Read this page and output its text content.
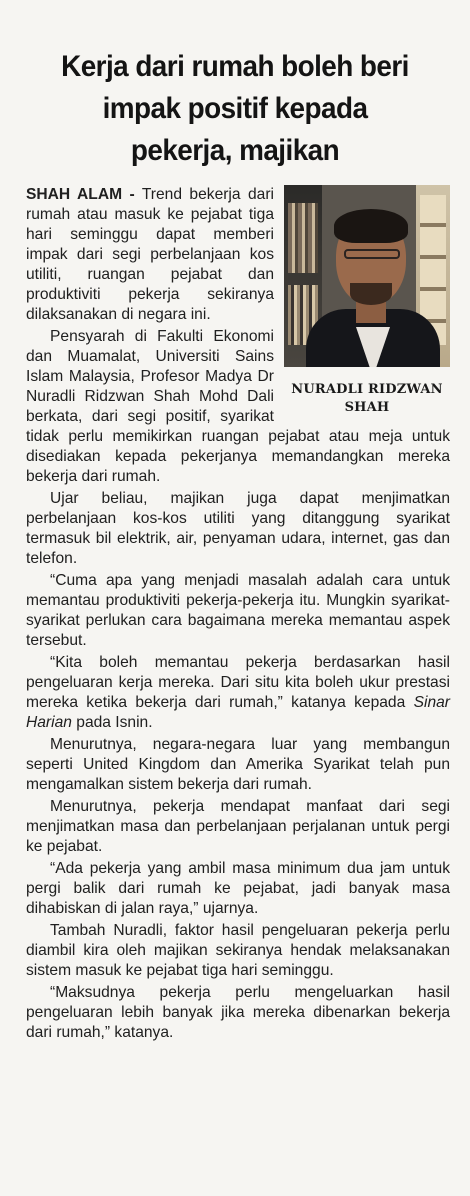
Kerja dari rumah boleh beri
impak positif kepada
pekerja, majikan
NURADLI RIDZWAN
SHAH

SHAH ALAM - Trend bekerja dari rumah atau masuk ke pejabat tiga hari seminggu dapat memberi impak dari segi perbelanjaan kos utiliti, ruangan pejabat dan produktiviti pekerja sekiranya dilaksanakan di negara ini.

Pensyarah di Fakulti Ekonomi dan Muamalat, Universiti Sains Islam Malaysia, Profesor Madya Dr Nuradli Ridzwan Shah Mohd Dali berkata, dari segi positif, syarikat tidak perlu memikirkan ruangan pejabat atau meja untuk disediakan kepada pekerjanya memandangkan mereka bekerja dari rumah.

Ujar beliau, majikan juga dapat menjimatkan perbelanjaan kos-kos utiliti yang ditanggung syarikat termasuk bil elektrik, air, penyaman udara, internet, gas dan telefon.

“Cuma apa yang menjadi masalah adalah cara untuk memantau produktiviti pekerja-pekerja itu. Mungkin syarikat-syarikat perlukan cara bagaimana mereka memantau aspek tersebut.

“Kita boleh memantau pekerja berdasarkan hasil pengeluaran kerja mereka. Dari situ kita boleh ukur prestasi mereka ketika bekerja dari rumah,” katanya kepada Sinar Harian pada Isnin.

Menurutnya, negara-negara luar yang membangun seperti United Kingdom dan Amerika Syarikat telah pun mengamalkan sistem bekerja dari rumah.

Menurutnya, pekerja mendapat manfaat dari segi menjimatkan masa dan perbelanjaan perjalanan untuk pergi ke pejabat.

“Ada pekerja yang ambil masa minimum dua jam untuk pergi balik dari rumah ke pejabat, jadi banyak masa dihabiskan di jalan raya,” ujarnya.

Tambah Nuradli, faktor hasil pengeluaran pekerja perlu diambil kira oleh majikan sekiranya hendak melaksanakan sistem masuk ke pejabat tiga hari seminggu.

“Maksudnya pekerja perlu mengeluarkan hasil pengeluaran lebih banyak jika mereka dibenarkan bekerja dari rumah,” katanya.
